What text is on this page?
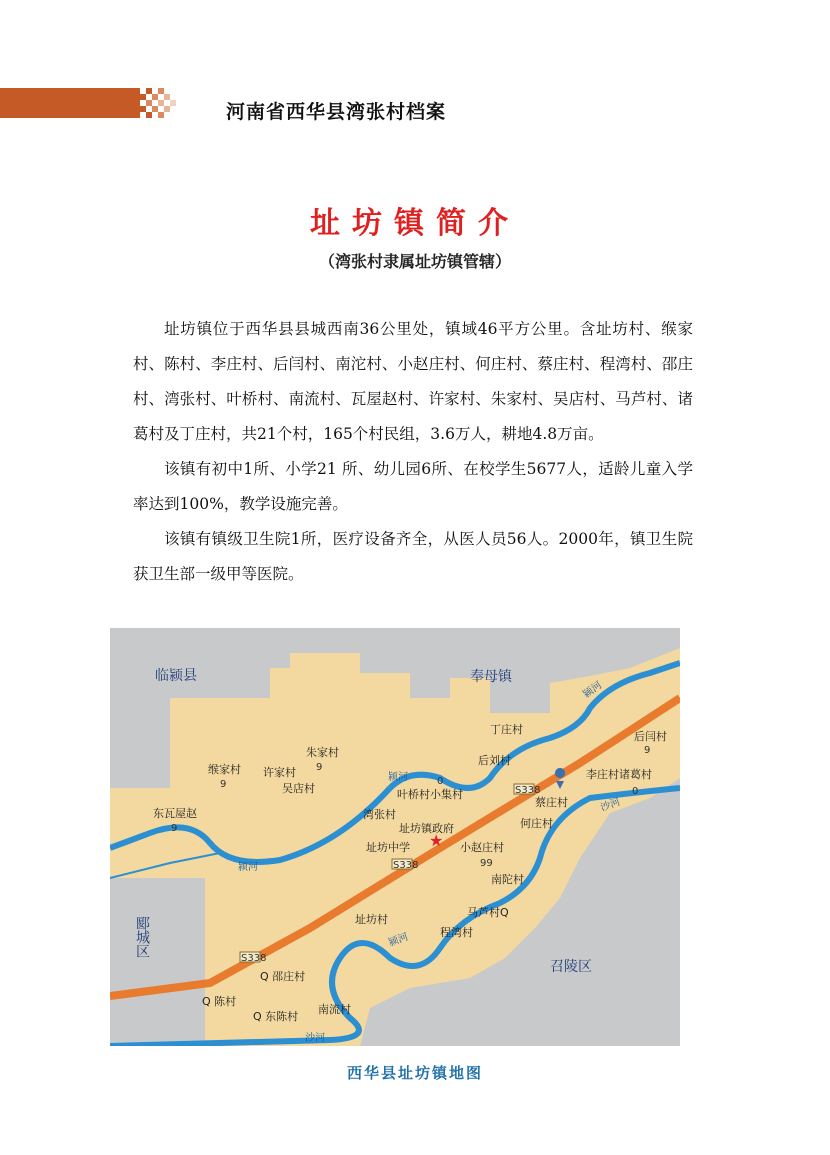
河南省西华县湾张村档案
址坊镇简介
（湾张村隶属址坊镇管辖）

址坊镇位于西华县县城西南36公里处，镇域46平方公里。含址坊村、缑家村、陈村、李庄村、后闫村、南沱村、小赵庄村、何庄村、蔡庄村、程湾村、邵庄村、湾张村、叶桥村、南流村、瓦屋赵村、许家村、朱家村、吴店村、马芦村、诸葛村及丁庄村，共21个村，165个村民组，3.6万人，耕地4.8万亩。

该镇有初中1所、小学21 所、幼儿园6所、在校学生5677人，适龄儿童入学率达到100%，教学设施完善。

该镇有镇级卫生院1所，医疗设备齐全，从医人员56人。2000年，镇卫生院获卫生部一级甲等医院。

S338
S338
S338
临颍县	奉母镇
召陵区
郾城区
颍河
颍河
颍河
颍河
沙河
沙河
朱家村
9
缑家村
9
许家村
吴店村
东瓦屋赵
9
丁庄村
后刘村
后闫村
9
李庄村诸葛村
0
蔡庄村
湾张村
叶桥村小集村
0
址坊镇政府
★
址坊中学	小赵庄村
99
何庄村
南陀村
址坊村
马芦村Q
程湾村
Q 邵庄村
Q 陈村
Q 东陈村
南流村
西华县址坊镇地图
